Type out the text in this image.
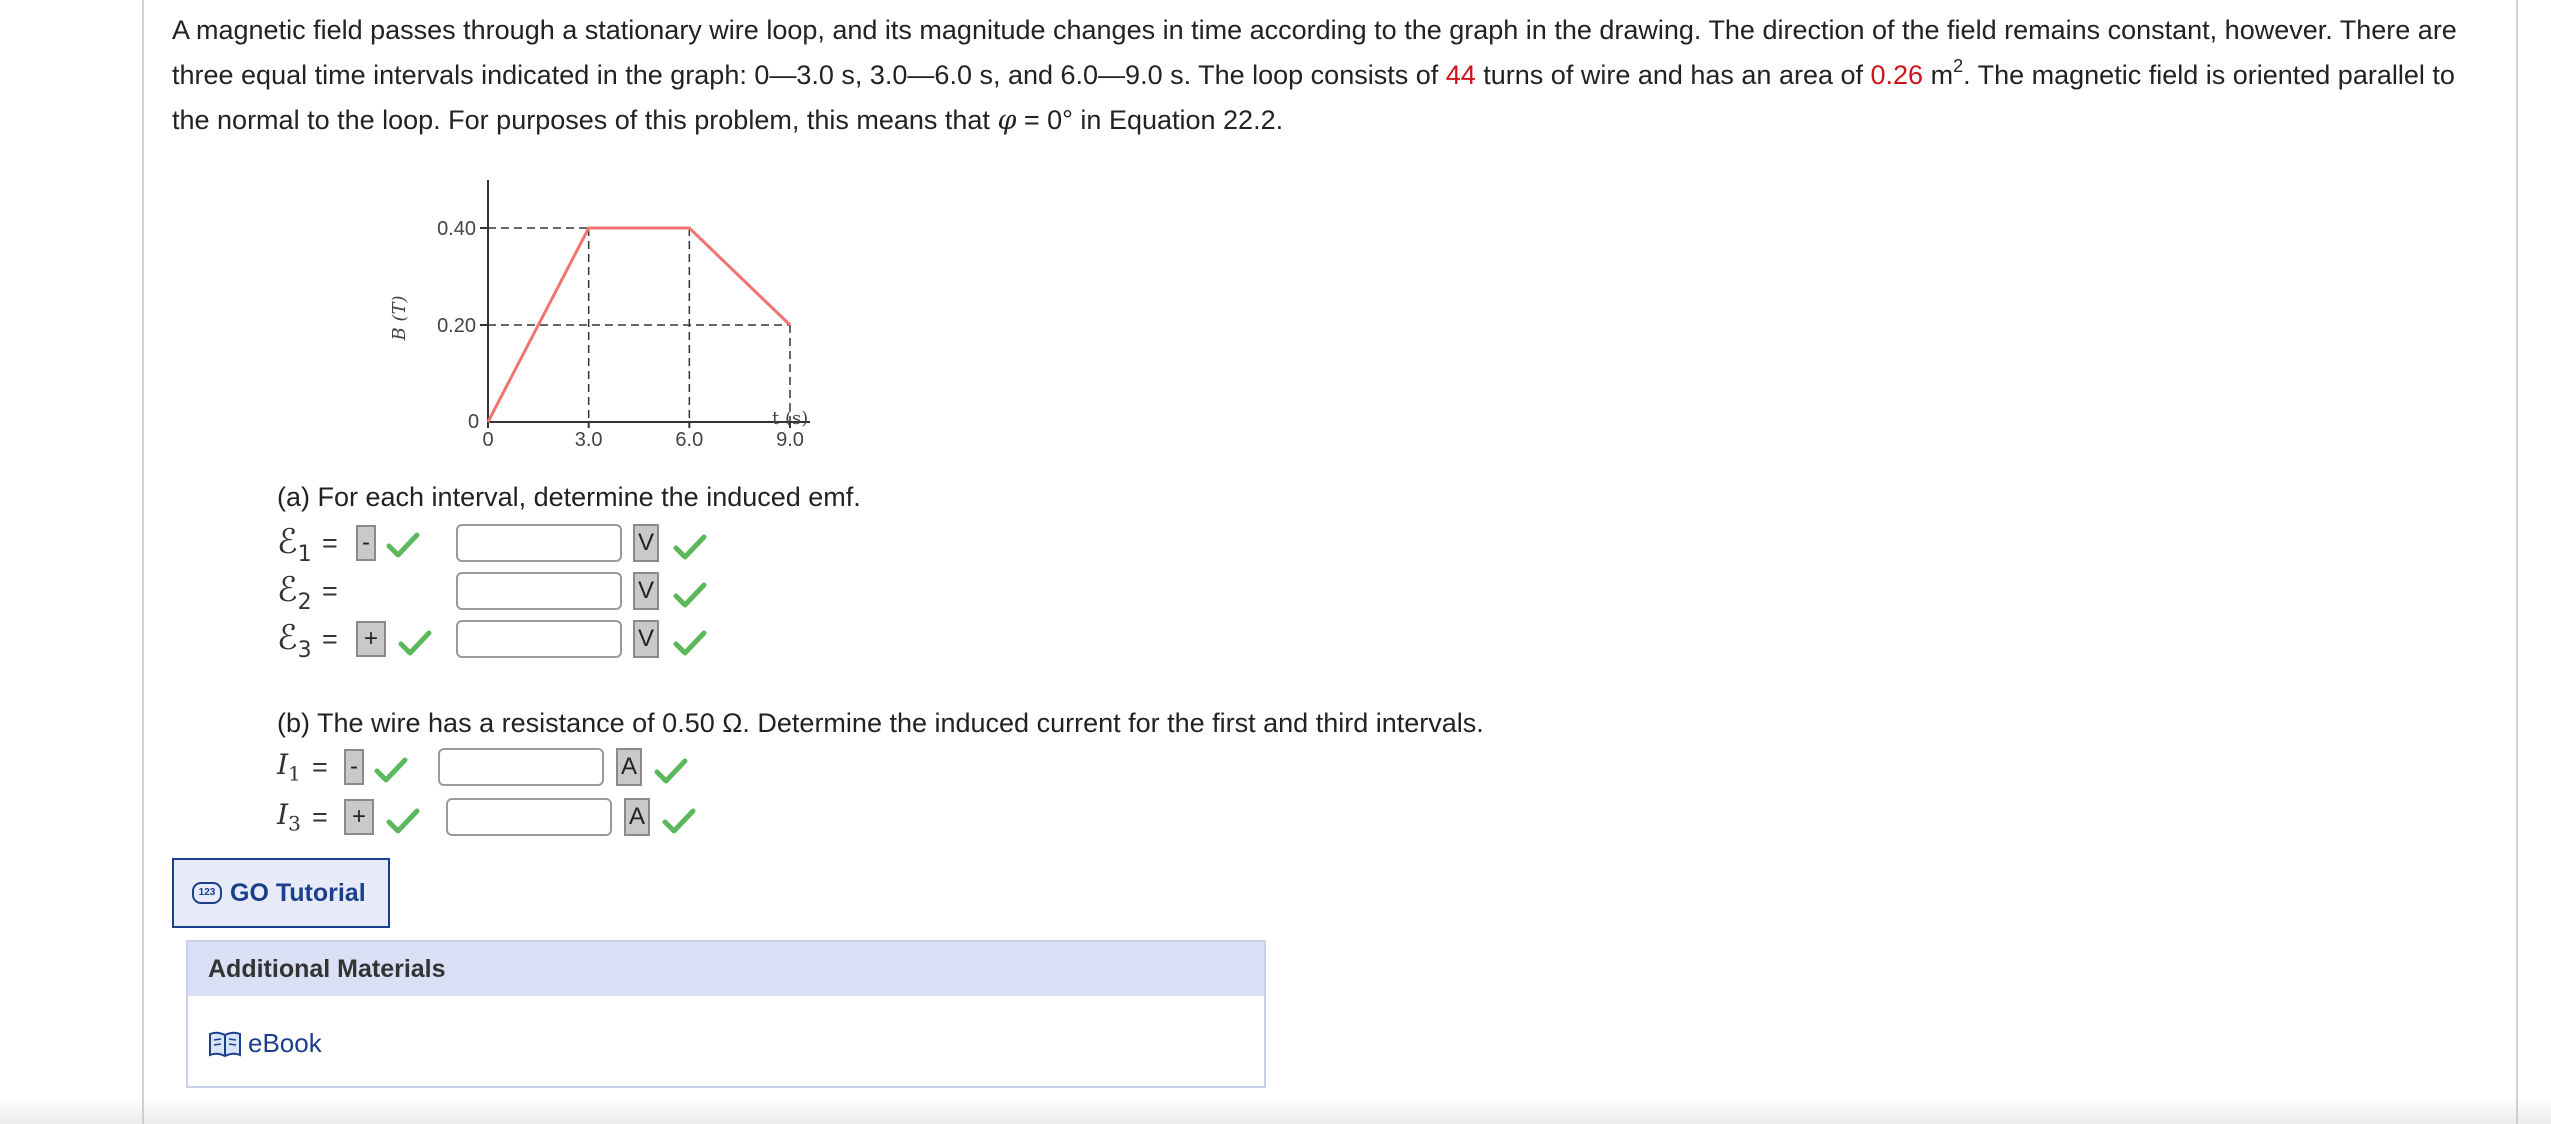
A magnetic field passes through a stationary wire loop, and its magnitude changes in time according to the graph in the drawing. The direction of the field remains constant, however. There are three equal time intervals indicated in the graph: 0—3.0 s, 3.0—6.0 s, and 6.0—9.0 s. The loop consists of 44 turns of wire and has an area of 0.26 $m^2$. The magnetic field is oriented parallel to the normal to the loop. For purposes of this problem, this means that φ = 0° in Equation 22.2.
B (T)
t (s)
0
0.40
0.20
0	3.0	6.0	9.0
(a) For each interval, determine the induced emf.
ℰ$_1$ = -	V
ℰ$_2$ =	V
ℰ$_3$ =	+	V
(b) The wire has a resistance of 0.50 Ω. Determine the induced current for the first and third intervals.
$I_1$ = -	A
$I_3$ =	+	A
123 GO Tutorial
Additional Materials
eBook
